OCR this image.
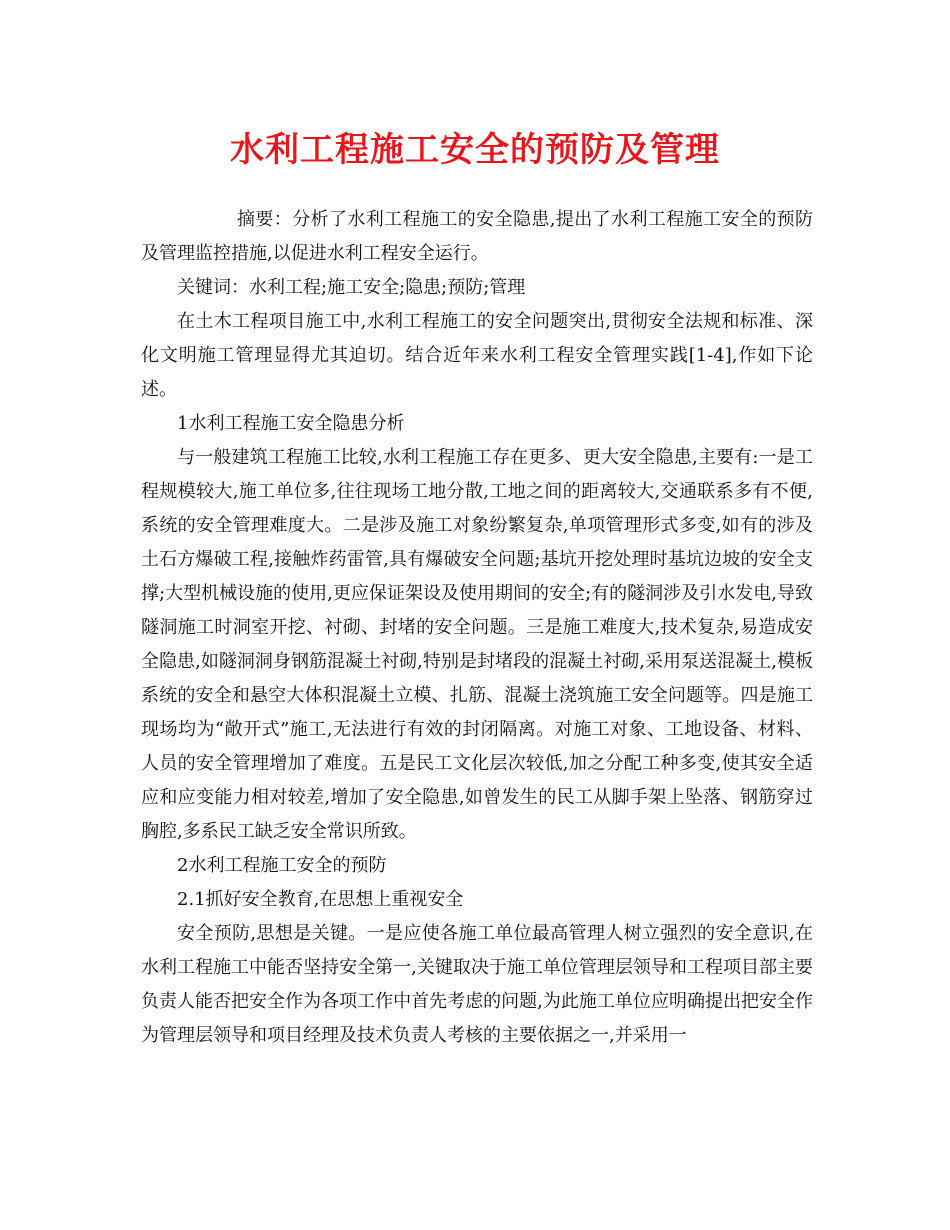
水利工程施工安全的预防及管理

摘要：分析了水利工程施工的安全隐患,提出了水利工程施工安全的预防及管理监控措施,以促进水利工程安全运行。

关键词：水利工程;施工安全;隐患;预防;管理

在土木工程项目施工中,水利工程施工的安全问题突出,贯彻安全法规和标准、深化文明施工管理显得尤其迫切。结合近年来水利工程安全管理实践[1-4],作如下论述。

1水利工程施工安全隐患分析

与一般建筑工程施工比较,水利工程施工存在更多、更大安全隐患,主要有:一是工程规模较大,施工单位多,往往现场工地分散,工地之间的距离较大,交通联系多有不便,系统的安全管理难度大。二是涉及施工对象纷繁复杂,单项管理形式多变,如有的涉及土石方爆破工程,接触炸药雷管,具有爆破安全问题;基坑开挖处理时基坑边坡的安全支撑;大型机械设施的使用,更应保证架设及使用期间的安全;有的隧洞涉及引水发电,导致隧洞施工时洞室开挖、衬砌、封堵的安全问题。三是施工难度大,技术复杂,易造成安全隐患,如隧洞洞身钢筋混凝土衬砌,特别是封堵段的混凝土衬砌,采用泵送混凝土,模板系统的安全和悬空大体积混凝土立模、扎筋、混凝土浇筑施工安全问题等。四是施工现场均为“敞开式”施工,无法进行有效的封闭隔离。对施工对象、工地设备、材料、人员的安全管理增加了难度。五是民工文化层次较低,加之分配工种多变,使其安全适应和应变能力相对较差,增加了安全隐患,如曾发生的民工从脚手架上坠落、钢筋穿过胸腔,多系民工缺乏安全常识所致。

2水利工程施工安全的预防

2.1抓好安全教育,在思想上重视安全

安全预防,思想是关键。一是应使各施工单位最高管理人树立强烈的安全意识,在水利工程施工中能否坚持安全第一,关键取决于施工单位管理层领导和工程项目部主要负责人能否把安全作为各项工作中首先考虑的问题,为此施工单位应明确提出把安全作为管理层领导和项目经理及技术负责人考核的主要依据之一,并采用一
